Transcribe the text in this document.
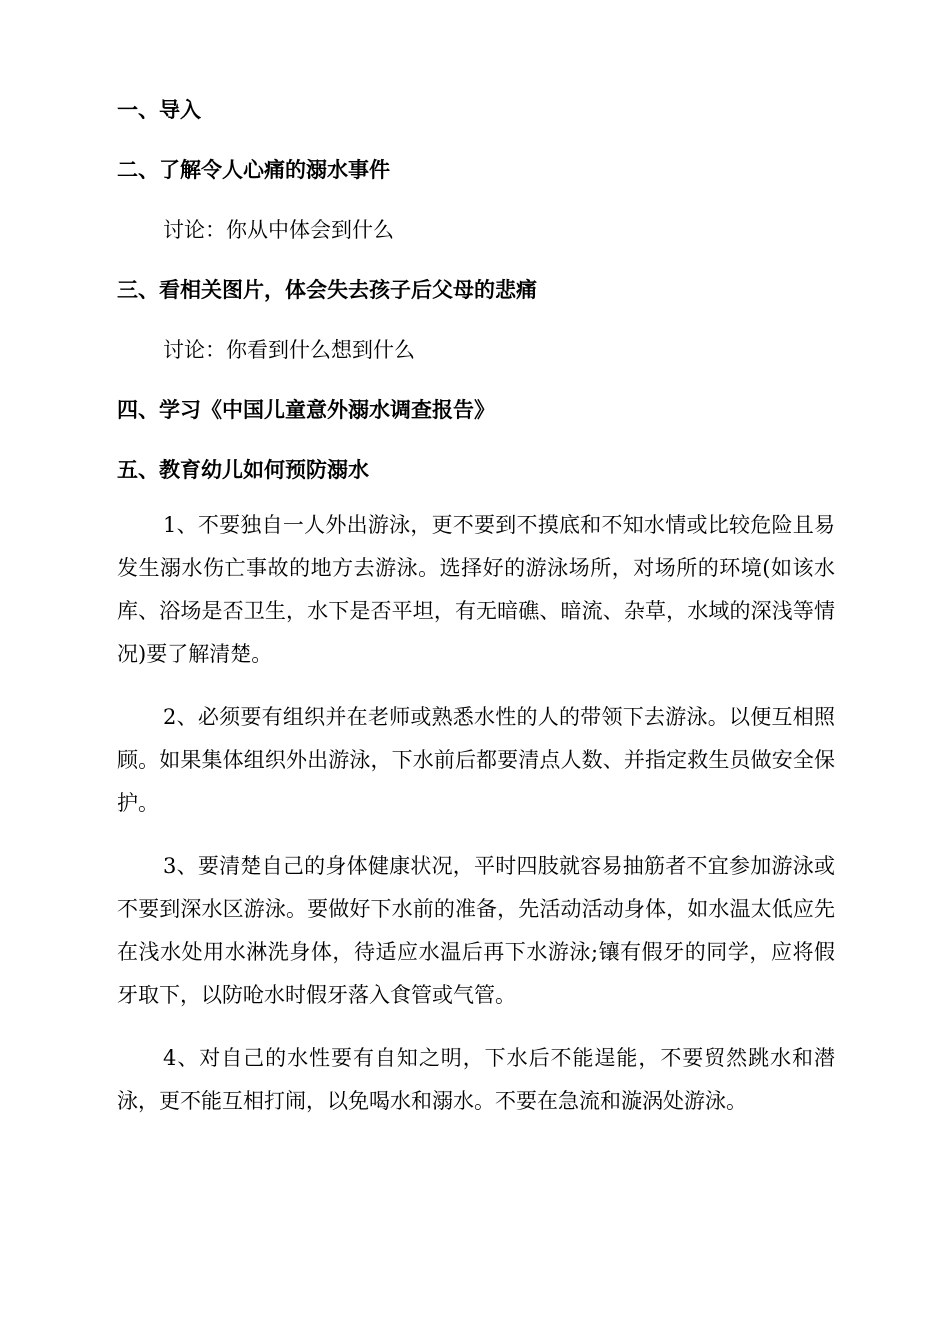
一、导入

二、了解令人心痛的溺水事件

讨论：你从中体会到什么

三、看相关图片，体会失去孩子后父母的悲痛

讨论：你看到什么想到什么

四、学习《中国儿童意外溺水调查报告》

五、教育幼儿如何预防溺水

1、不要独自一人外出游泳，更不要到不摸底和不知水情或比较危险且易发生溺水伤亡事故的地方去游泳。选择好的游泳场所，对场所的环境(如该水库、浴场是否卫生，水下是否平坦，有无暗礁、暗流、杂草，水域的深浅等情况)要了解清楚。

2、必须要有组织并在老师或熟悉水性的人的带领下去游泳。以便互相照顾。如果集体组织外出游泳，下水前后都要清点人数、并指定救生员做安全保护。

3、要清楚自己的身体健康状况，平时四肢就容易抽筋者不宜参加游泳或不要到深水区游泳。要做好下水前的准备，先活动活动身体，如水温太低应先在浅水处用水淋洗身体，待适应水温后再下水游泳;镶有假牙的同学，应将假牙取下，以防呛水时假牙落入食管或气管。

4、对自己的水性要有自知之明，下水后不能逞能，不要贸然跳水和潜泳，更不能互相打闹，以免喝水和溺水。不要在急流和漩涡处游泳。
